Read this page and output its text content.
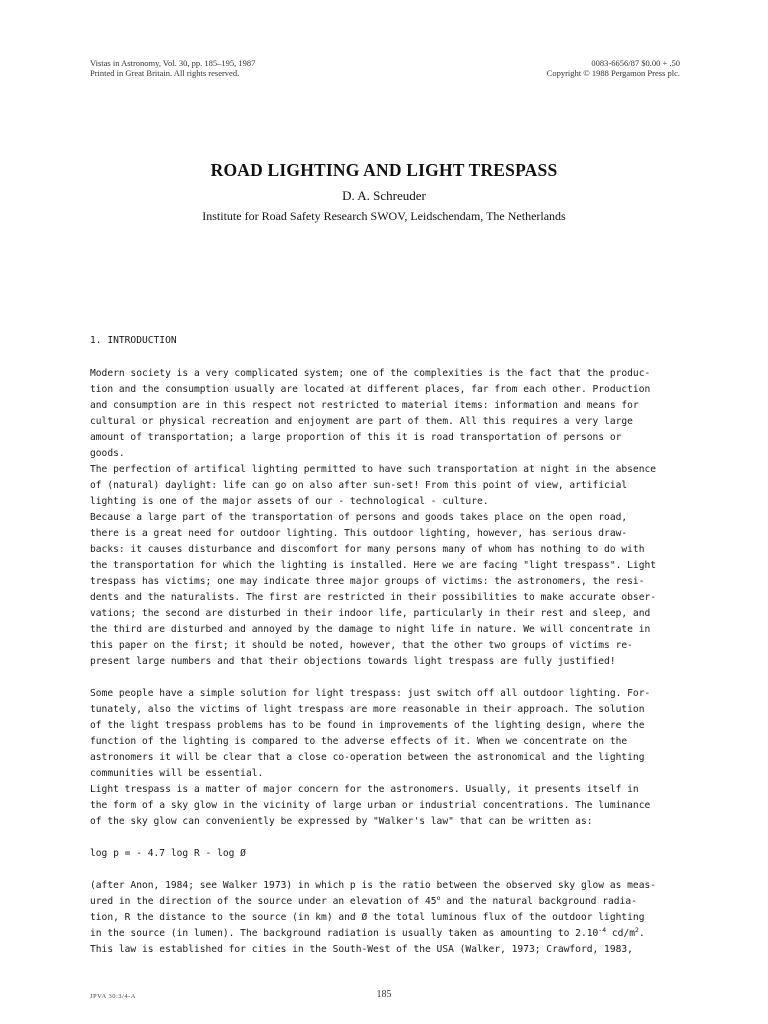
Vistas in Astronomy, Vol. 30, pp. 185–195, 1987
Printed in Great Britain. All rights reserved.
0083-6656/87 $0.00 + .50
Copyright © 1988 Pergamon Press plc.
ROAD LIGHTING AND LIGHT TRESPASS
D. A. Schreuder
Institute for Road Safety Research SWOV, Leidschendam, The Netherlands
1. INTRODUCTION
Modern society is a very complicated system; one of the complexities is the fact that the produc-
tion and the consumption usually are located at different places, far from each other. Production
and consumption are in this respect not restricted to material items: information and means for
cultural or physical recreation and enjoyment are part of them. All this requires a very large
amount of transportation; a large proportion of this it is road transportation of persons or
goods.
The perfection of artifical lighting permitted to have such transportation at night in the absence
of (natural) daylight: life can go on also after sun-set! From this point of view, artificial
lighting is one of the major assets of our - technological - culture.
Because a large part of the transportation of persons and goods takes place on the open road,
there is a great need for outdoor lighting. This outdoor lighting, however, has serious draw-
backs: it causes disturbance and discomfort for many persons many of whom has nothing to do with
the transportation for which the lighting is installed. Here we are facing "light trespass". Light
trespass has victims; one may indicate three major groups of victims: the astronomers, the resi-
dents and the naturalists. The first are restricted in their possibilities to make accurate obser-
vations; the second are disturbed in their indoor life, particularly in their rest and sleep, and
the third are disturbed and annoyed by the damage to night life in nature. We will concentrate in
this paper on the first; it should be noted, however, that the other two groups of victims re-
present large numbers and that their objections towards light trespass are fully justified!
Some people have a simple solution for light trespass: just switch off all outdoor lighting. For-
tunately, also the victims of light trespass are more reasonable in their approach. The solution
of the light trespass problems has to be found in improvements of the lighting design, where the
function of the lighting is compared to the adverse effects of it. When we concentrate on the
astronomers it will be clear that a close co-operation between the astronomical and the lighting
communities will be essential.
Light trespass is a matter of major concern for the astronomers. Usually, it presents itself in
the form of a sky glow in the vicinity of large urban or industrial concentrations. The luminance
of the sky glow can conveniently be expressed by "Walker's law" that can be written as:
log p = - 4.7 log R - log Ø
(after Anon, 1984; see Walker 1973) in which p is the ratio between the observed sky glow as meas-
ured in the direction of the source under an elevation of 45$^o$ and the natural background radia-
tion, R the distance to the source (in km) and Ø the total luminous flux of the outdoor lighting
in the source (in lumen). The background radiation is usually taken as amounting to $2.10^{-4}$ $cd/m^2$.
This law is established for cities in the South-West of the USA (Walker, 1973; Crawford, 1983,
JPVA 30:3/4-A	185
